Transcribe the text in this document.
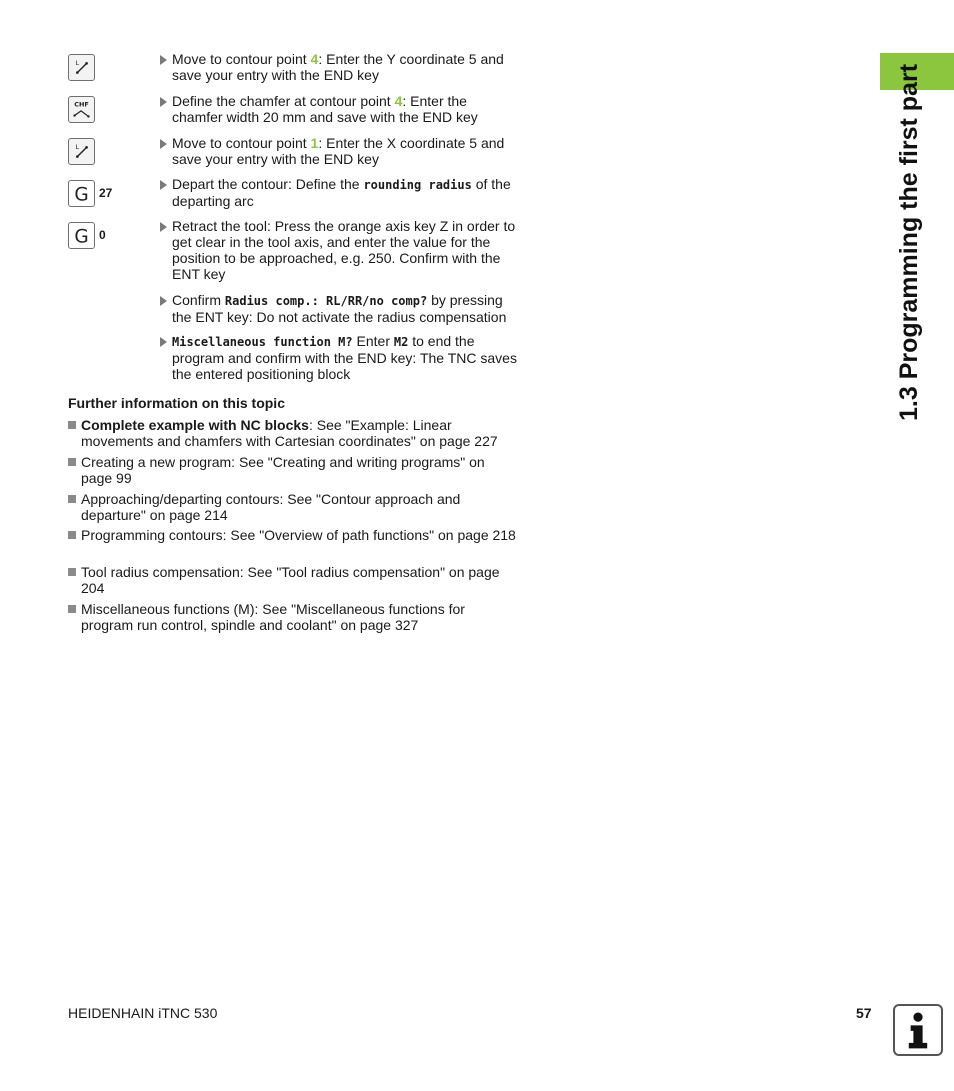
1.3 Programming the first part
L
CHF
L
G 27
G 0
Move to contour point 4: Enter the Y coordinate 5 and save your entry with the END key
Define the chamfer at contour point 4: Enter the chamfer width 20 mm and save with the END key
Move to contour point 1: Enter the X coordinate 5 and save your entry with the END key
Depart the contour: Define the rounding radius of the departing arc
Retract the tool: Press the orange axis key Z in order to get clear in the tool axis, and enter the value for the position to be approached, e.g. 250. Confirm with the ENT key
Confirm Radius comp.: RL/RR/no comp? by pressing the ENT key: Do not activate the radius compensation
Miscellaneous function M? Enter M2 to end the program and confirm with the END key: The TNC saves the entered positioning block
Further information on this topic
Complete example with NC blocks: See "Example: Linear movements and chamfers with Cartesian coordinates" on page 227
Creating a new program: See "Creating and writing programs" on page 99
Approaching/departing contours: See "Contour approach and departure" on page 214
Programming contours: See "Overview of path functions" on page 218
Tool radius compensation: See "Tool radius compensation" on page 204
Miscellaneous functions (M): See "Miscellaneous functions for program run control, spindle and coolant" on page 327
HEIDENHAIN iTNC 530	57
